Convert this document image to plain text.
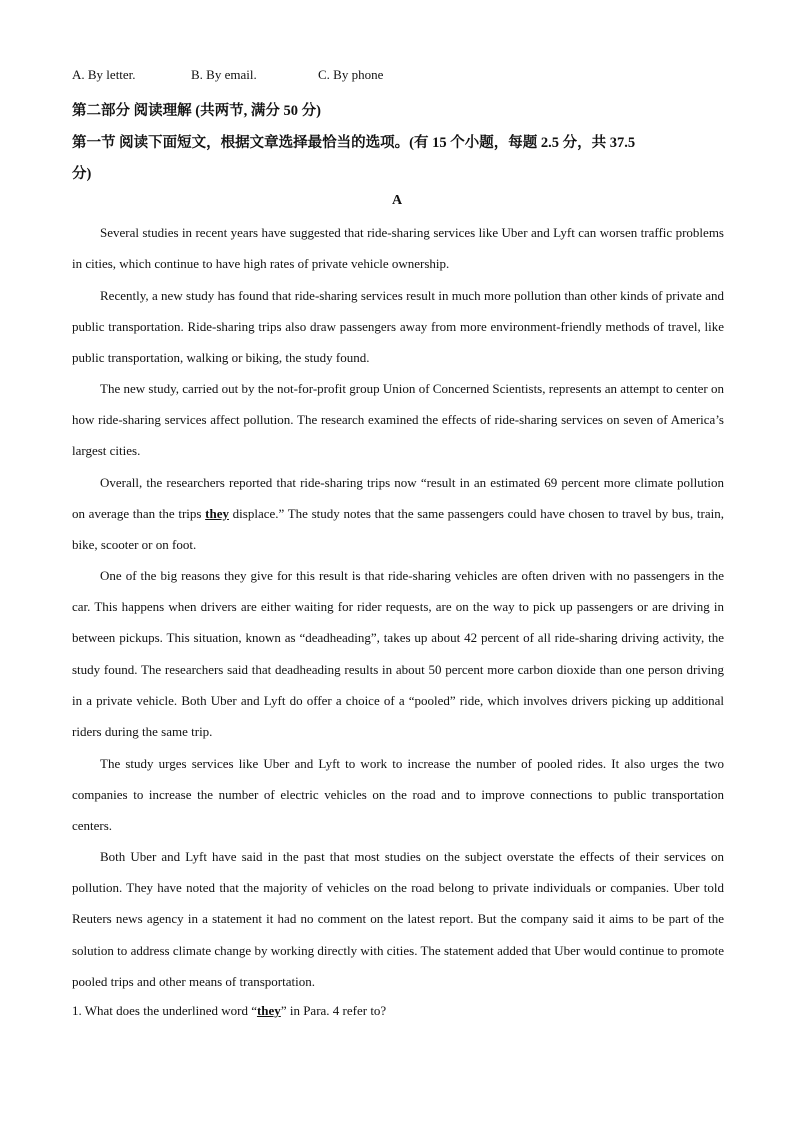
A. By letter.	B. By email.	C. By phone
第二部分 阅读理解 (共两节, 满分 50 分)
第一节 阅读下面短文，根据文章选择最恰当的选项。(有 15 个小题，每题 2.5 分，共 37.5
分)
A

Several studies in recent years have suggested that ride-sharing services like Uber and Lyft can worsen traffic problems in cities, which continue to have high rates of private vehicle ownership.

Recently, a new study has found that ride-sharing services result in much more pollution than other kinds of private and public transportation. Ride-sharing trips also draw passengers away from more environment-friendly methods of travel, like public transportation, walking or biking, the study found.

The new study, carried out by the not-for-profit group Union of Concerned Scientists, represents an attempt to center on how ride-sharing services affect pollution. The research examined the effects of ride-sharing services on seven of America’s largest cities.

Overall, the researchers reported that ride-sharing trips now “result in an estimated 69 percent more climate pollution on average than the trips they displace.” The study notes that the same passengers could have chosen to travel by bus, train, bike, scooter or on foot.

One of the big reasons they give for this result is that ride-sharing vehicles are often driven with no passengers in the car. This happens when drivers are either waiting for rider requests, are on the way to pick up passengers or are driving in between pickups. This situation, known as “deadheading”, takes up about 42 percent of all ride-sharing driving activity, the study found. The researchers said that deadheading results in about 50 percent more carbon dioxide than one person driving in a private vehicle. Both Uber and Lyft do offer a choice of a “pooled” ride, which involves drivers picking up additional riders during the same trip.

The study urges services like Uber and Lyft to work to increase the number of pooled rides. It also urges the two companies to increase the number of electric vehicles on the road and to improve connections to public transportation centers.

Both Uber and Lyft have said in the past that most studies on the subject overstate the effects of their services on pollution. They have noted that the majority of vehicles on the road belong to private individuals or companies. Uber told Reuters news agency in a statement it had no comment on the latest report. But the company said it aims to be part of the solution to address climate change by working directly with cities. The statement added that Uber would continue to promote pooled trips and other means of transportation.

1. What does the underlined word “they” in Para. 4 refer to?
